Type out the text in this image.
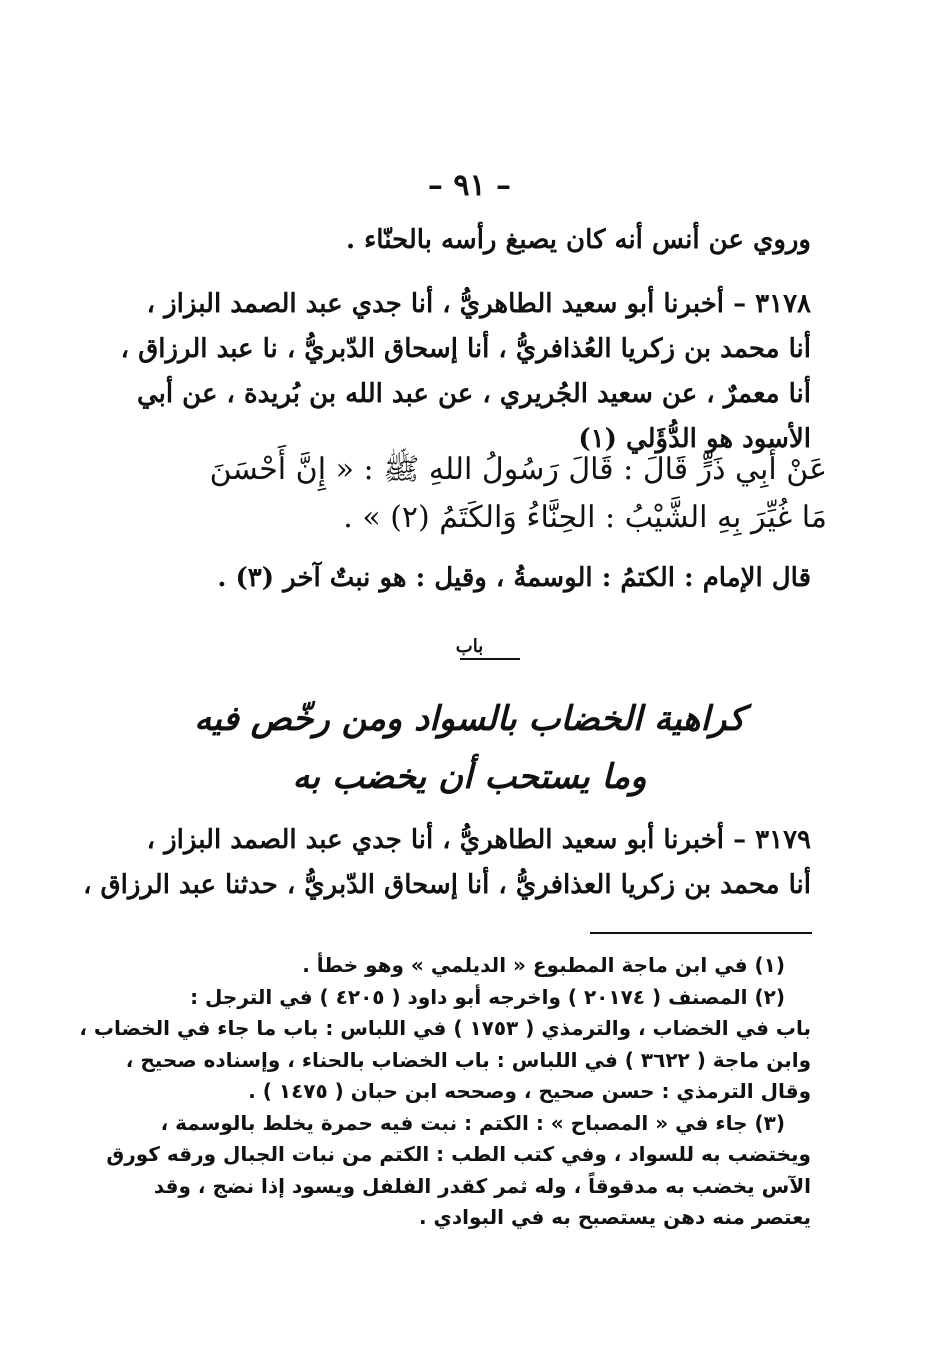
– ٩١ –
وروي عن أنس أنه كان يصبغ رأسه بالحنّاء .
٣١٧٨ – أخبرنا أبو سعيد الطاهريُّ ، أنا جدي عبد الصمد البزاز ،
أنا محمد بن زكريا العُذافريُّ ، أنا إسحاق الدّبريُّ ، نا عبد الرزاق ،
أنا معمرٌ ، عن سعيد الجُريري ، عن عبد الله بن بُريدة ، عن أبي
الأسود هو الدُّؤَلي (١)
عَنْ أَبِي ذَرٍّ قَالَ : قَالَ رَسُولُ اللهِ ﷺ : « إِنَّ أَحْسَنَ
مَا غُيِّرَ بِهِ الشَّيْبُ : الحِنَّاءُ وَالكَتَمُ (٢) » .
قال الإمام : الكتمُ : الوسمةُ ، وقيل : هو نبتٌ آخر (٣) .
باب
كراهية الخضاب بالسواد ومن رخّص فيه
وما يستحب أن يخضب به
٣١٧٩ – أخبرنا أبو سعيد الطاهريُّ ، أنا جدي عبد الصمد البزاز ،
أنا محمد بن زكريا العذافريُّ ، أنا إسحاق الدّبريُّ ، حدثنا عبد الرزاق ،
(١) في ابن ماجة المطبوع « الديلمي » وهو خطأ .
(٢) المصنف ( ٢٠١٧٤ ) واخرجه أبو داود ( ٤٢٠٥ ) في الترجل :
باب في الخضاب ، والترمذي ( ١٧٥٣ ) في اللباس : باب ما جاء في الخضاب ،
وابن ماجة ( ٣٦٢٢ ) في اللباس : باب الخضاب بالحناء ، وإسناده صحيح ،
وقال الترمذي : حسن صحيح ، وصححه ابن حبان ( ١٤٧٥ ) .
(٣) جاء في « المصباح » : الكتم : نبت فيه حمرة يخلط بالوسمة ،
ويختضب به للسواد ، وفي كتب الطب : الكتم من نبات الجبال ورقه كورق
الآس يخضب به مدقوقاً ، وله ثمر كقدر الفلفل ويسود إذا نضج ، وقد
يعتصر منه دهن يستصبح به في البوادي .
